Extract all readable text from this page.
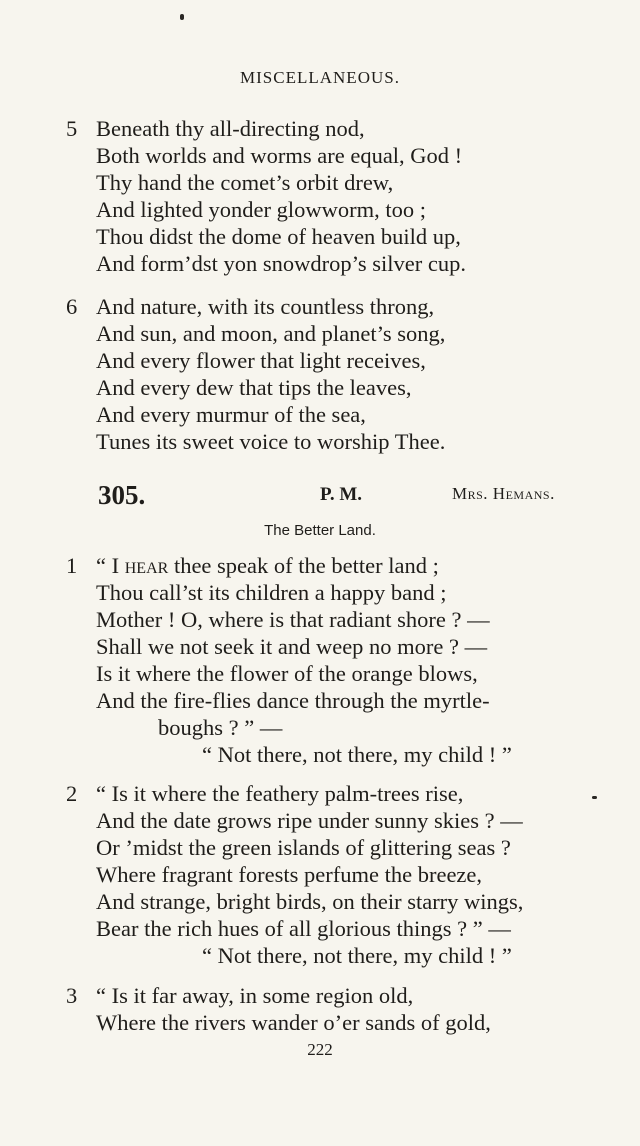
MISCELLANEOUS.
5 Beneath thy all-directing nod,
Both worlds and worms are equal, God !
Thy hand the comet’s orbit drew,
And lighted yonder glowworm, too ;
Thou didst the dome of heaven build up,
And form’dst yon snowdrop’s silver cup.
6 And nature, with its countless throng,
And sun, and moon, and planet’s song,
And every flower that light receives,
And every dew that tips the leaves,
And every murmur of the sea,
Tunes its sweet voice to worship Thee.
305.	P. M.	Mrs. Hemans.
The Better Land.
1 “ I hear thee speak of the better land ;
Thou call’st its children a happy band ;
Mother ! O, where is that radiant shore ? —
Shall we not seek it and weep no more ? —
Is it where the flower of the orange blows,
And the fire-flies dance through the myrtle-
boughs ? ” —
“ Not there, not there, my child ! ”
2 “ Is it where the feathery palm-trees rise,
And the date grows ripe under sunny skies ? —
Or ’midst the green islands of glittering seas ?
Where fragrant forests perfume the breeze,
And strange, bright birds, on their starry wings,
Bear the rich hues of all glorious things ? ” —
“ Not there, not there, my child ! ”
3 “ Is it far away, in some region old,
Where the rivers wander o’er sands of gold,
222
